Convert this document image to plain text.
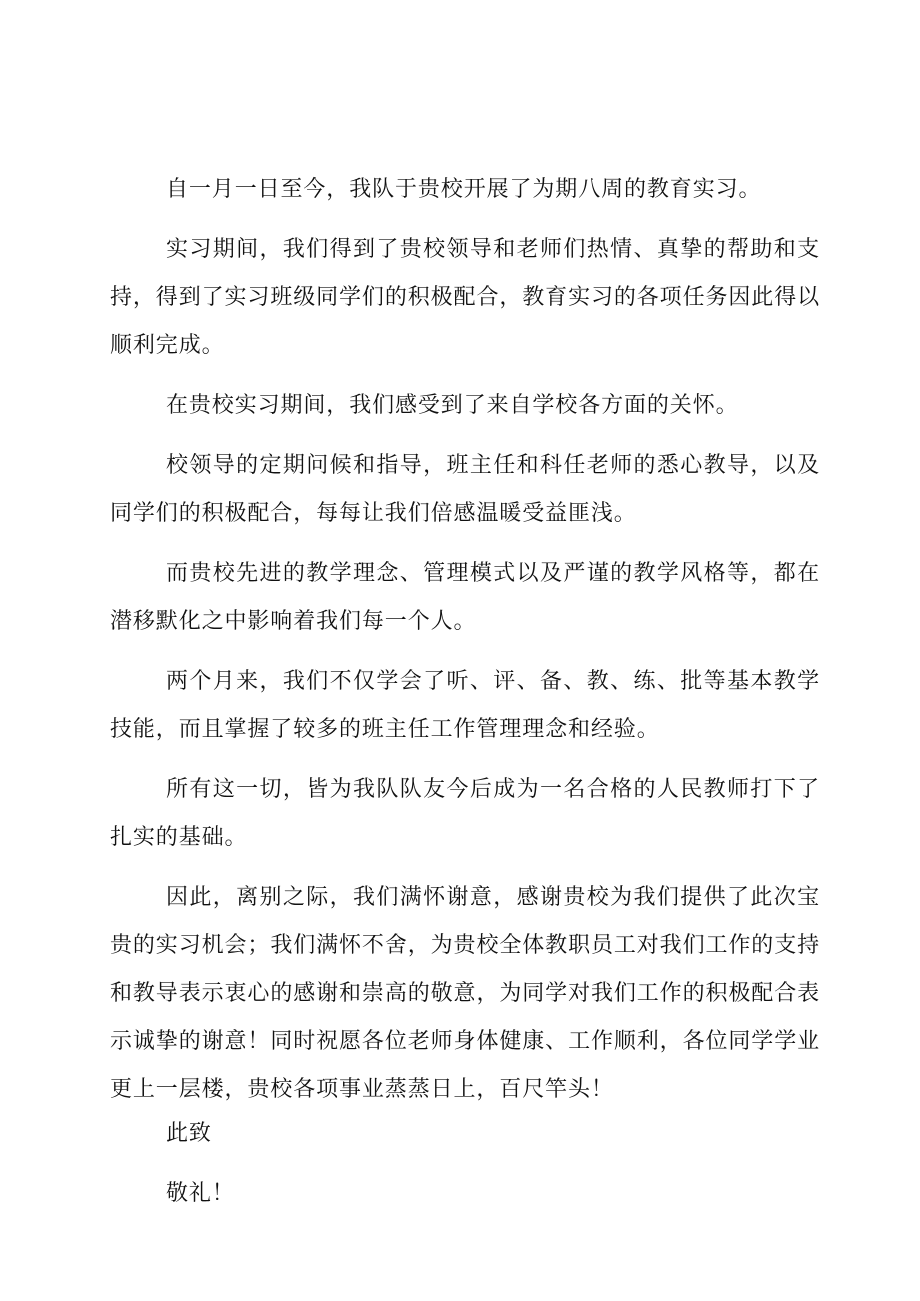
自一月一日至今，我队于贵校开展了为期八周的教育实习。

实习期间，我们得到了贵校领导和老师们热情、真挚的帮助和支持，得到了实习班级同学们的积极配合，教育实习的各项任务因此得以顺利完成。

在贵校实习期间，我们感受到了来自学校各方面的关怀。

校领导的定期问候和指导，班主任和科任老师的悉心教导，以及同学们的积极配合，每每让我们倍感温暖受益匪浅。

而贵校先进的教学理念、管理模式以及严谨的教学风格等，都在潜移默化之中影响着我们每一个人。

两个月来，我们不仅学会了听、评、备、教、练、批等基本教学技能，而且掌握了较多的班主任工作管理理念和经验。

所有这一切，皆为我队队友今后成为一名合格的人民教师打下了扎实的基础。

因此，离别之际，我们满怀谢意，感谢贵校为我们提供了此次宝贵的实习机会；我们满怀不舍，为贵校全体教职员工对我们工作的支持和教导表示衷心的感谢和崇高的敬意，为同学对我们工作的积极配合表示诚挚的谢意！同时祝愿各位老师身体健康、工作顺利，各位同学学业更上一层楼，贵校各项事业蒸蒸日上，百尺竿头！

此致

敬礼！
